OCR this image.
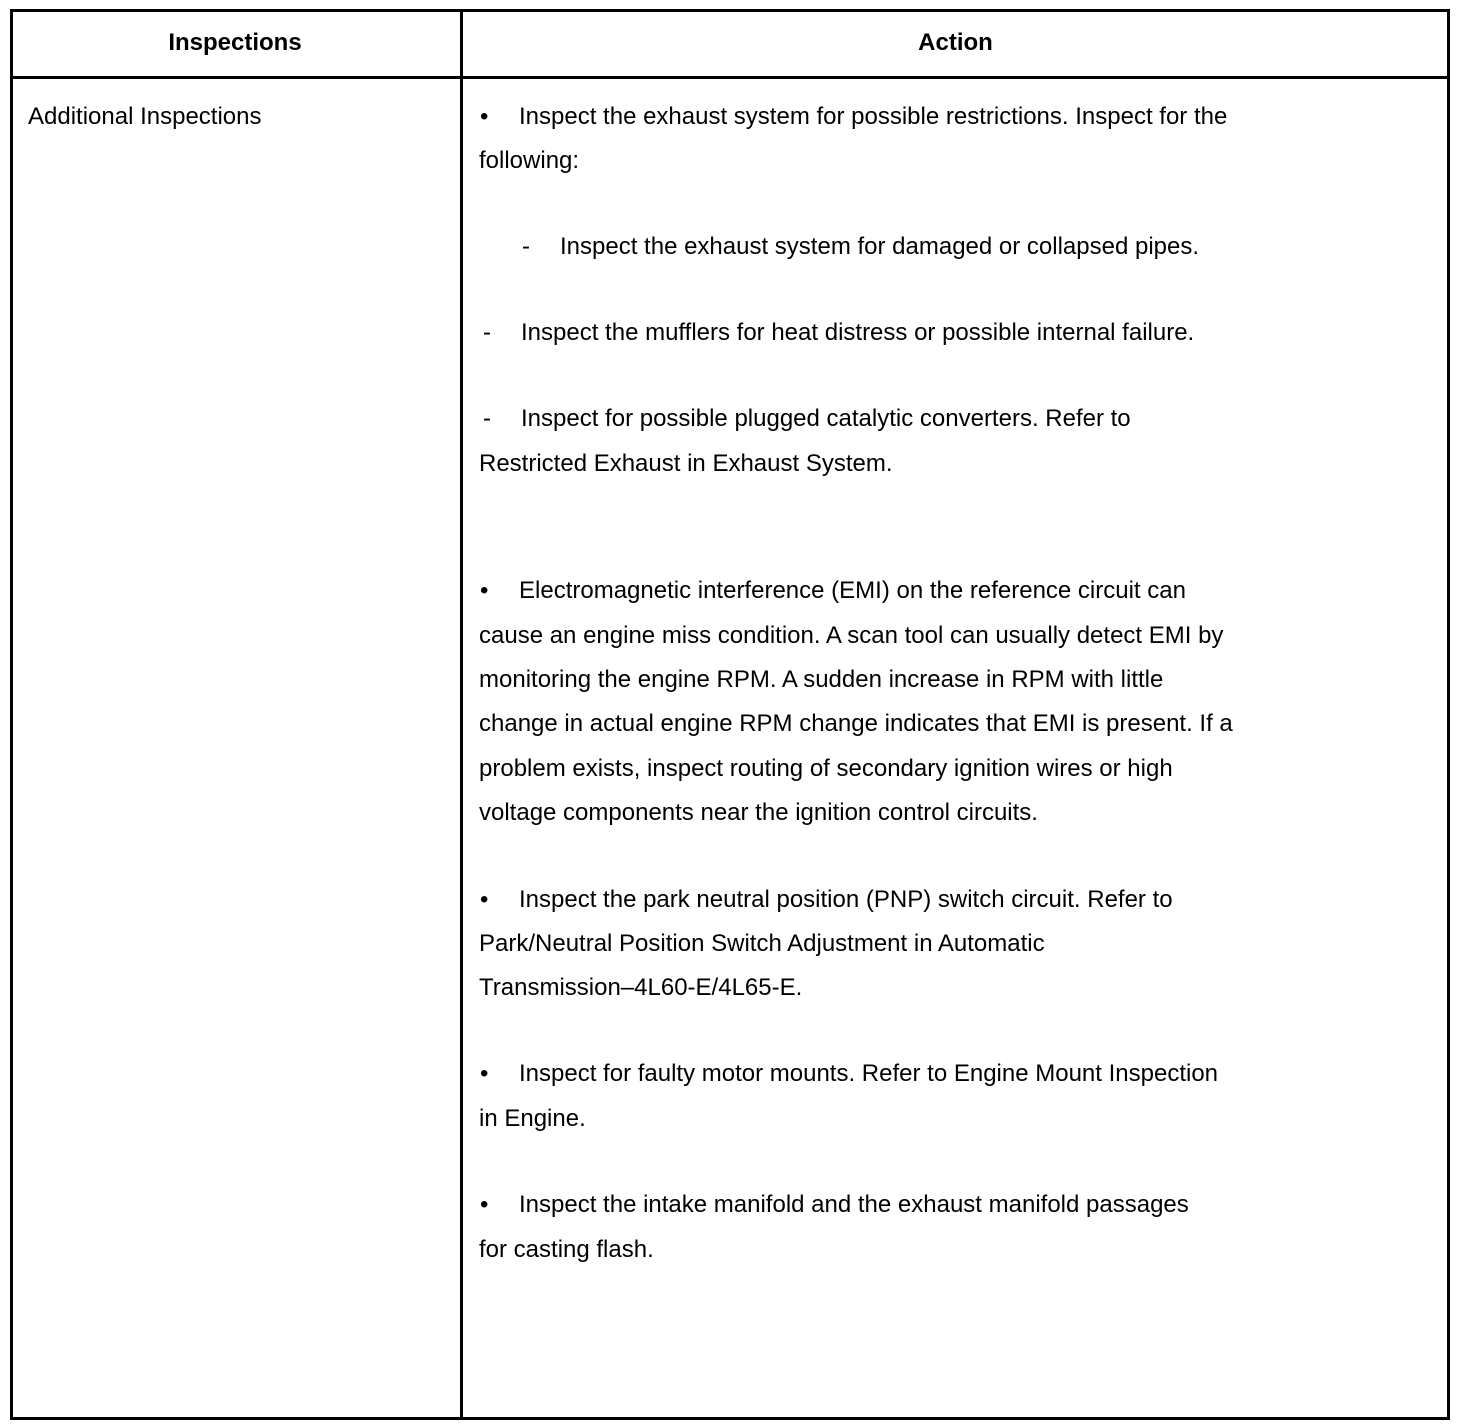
Inspections	Action
Additional Inspections	• Inspect the exhaust system for possible restrictions. Inspect for the
following:
- Inspect the exhaust system for damaged or collapsed pipes.
- Inspect the mufflers for heat distress or possible internal failure.
- Inspect for possible plugged catalytic converters. Refer to
Restricted Exhaust in Exhaust System.
• Electromagnetic interference (EMI) on the reference circuit can
cause an engine miss condition. A scan tool can usually detect EMI by
monitoring the engine RPM. A sudden increase in RPM with little
change in actual engine RPM change indicates that EMI is present. If a
problem exists, inspect routing of secondary ignition wires or high
voltage components near the ignition control circuits.
• Inspect the park neutral position (PNP) switch circuit. Refer to
Park/Neutral Position Switch Adjustment in Automatic
Transmission–4L60-E/4L65-E.
• Inspect for faulty motor mounts. Refer to Engine Mount Inspection
in Engine.
• Inspect the intake manifold and the exhaust manifold passages
for casting flash.
